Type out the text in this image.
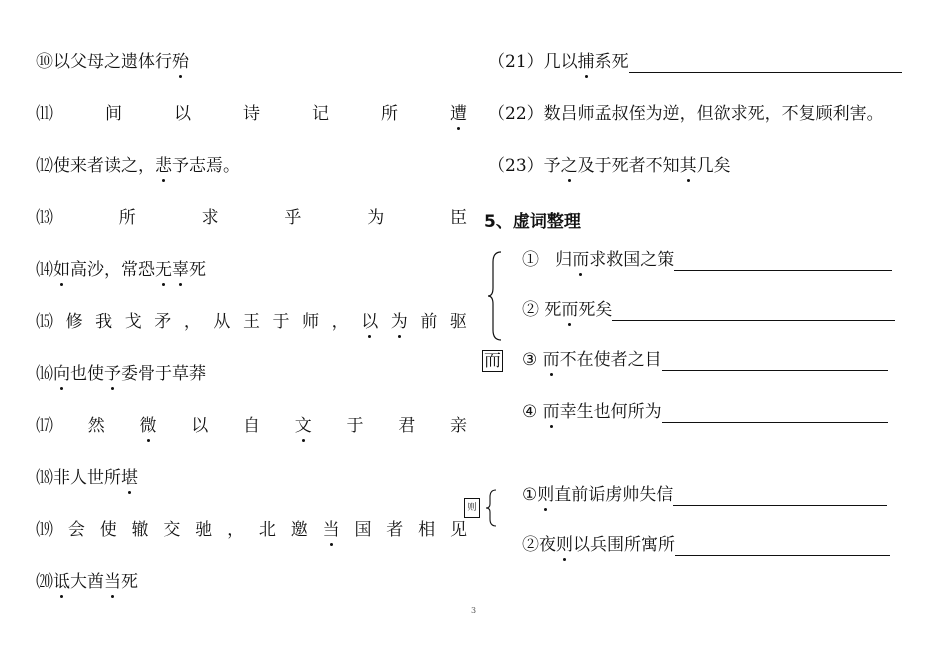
⑩以父母之遗体行殆
⑾	间	以	诗	记	所	遭
⑿使来者读之，悲予志焉。
⒀	所	求	乎	为	臣
⒁如高沙，常恐无辜死
⒂ 修 我 戈 矛 ， 从 王 于 师 ， 以 为 前 驱
⒃向也使予委骨于草莽
⒄ 然 微 以 自 文 于 君 亲
⒅非人世所堪
⒆ 会 使 辙 交 驰 ， 北 邀 当 国 者 相 见
⒇诋大酋当死
（21）几以捕系死
（22）数吕师孟叔侄为逆，但欲求死，不复顾利害。
（23）予之及于死者不知其几矣
5、虚词整理
而
① 归而求救国之策
② 死而死矣
③ 而不在使者之目
④ 而幸生也何所为
则
①则直前诟虏帅失信
②夜则以兵围所寓所
3
